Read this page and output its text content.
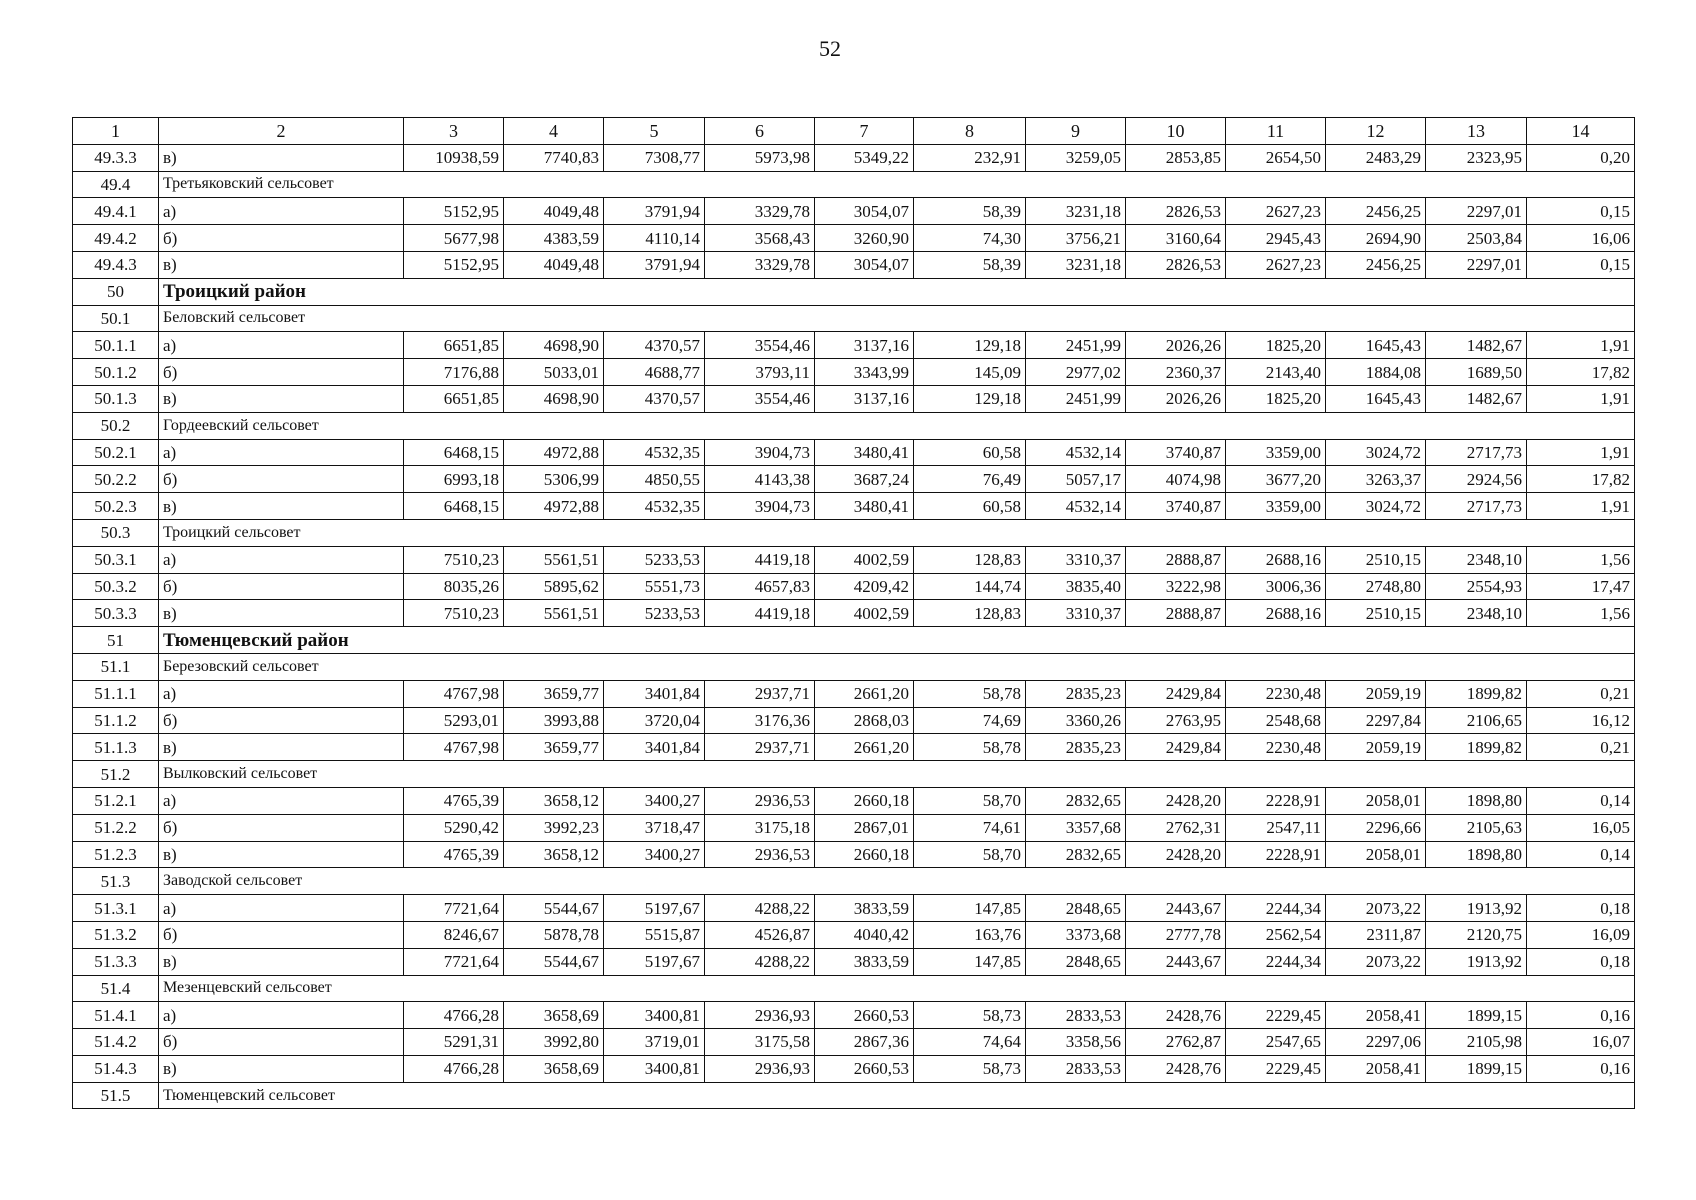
52
1	2	3	4	5	6	7	8	9	10	11	12	13	14
49.3.3	в)	10938,59	7740,83	7308,77	5973,98	5349,22	232,91	3259,05	2853,85	2654,50	2483,29	2323,95	0,20
49.4	Третьяковский сельсовет												
49.4.1	а)	5152,95	4049,48	3791,94	3329,78	3054,07	58,39	3231,18	2826,53	2627,23	2456,25	2297,01	0,15
49.4.2	б)	5677,98	4383,59	4110,14	3568,43	3260,90	74,30	3756,21	3160,64	2945,43	2694,90	2503,84	16,06
49.4.3	в)	5152,95	4049,48	3791,94	3329,78	3054,07	58,39	3231,18	2826,53	2627,23	2456,25	2297,01	0,15
50	Троицкий район												
50.1	Беловский сельсовет												
50.1.1	а)	6651,85	4698,90	4370,57	3554,46	3137,16	129,18	2451,99	2026,26	1825,20	1645,43	1482,67	1,91
50.1.2	б)	7176,88	5033,01	4688,77	3793,11	3343,99	145,09	2977,02	2360,37	2143,40	1884,08	1689,50	17,82
50.1.3	в)	6651,85	4698,90	4370,57	3554,46	3137,16	129,18	2451,99	2026,26	1825,20	1645,43	1482,67	1,91
50.2	Гордеевский сельсовет												
50.2.1	а)	6468,15	4972,88	4532,35	3904,73	3480,41	60,58	4532,14	3740,87	3359,00	3024,72	2717,73	1,91
50.2.2	б)	6993,18	5306,99	4850,55	4143,38	3687,24	76,49	5057,17	4074,98	3677,20	3263,37	2924,56	17,82
50.2.3	в)	6468,15	4972,88	4532,35	3904,73	3480,41	60,58	4532,14	3740,87	3359,00	3024,72	2717,73	1,91
50.3	Троицкий сельсовет												
50.3.1	а)	7510,23	5561,51	5233,53	4419,18	4002,59	128,83	3310,37	2888,87	2688,16	2510,15	2348,10	1,56
50.3.2	б)	8035,26	5895,62	5551,73	4657,83	4209,42	144,74	3835,40	3222,98	3006,36	2748,80	2554,93	17,47
50.3.3	в)	7510,23	5561,51	5233,53	4419,18	4002,59	128,83	3310,37	2888,87	2688,16	2510,15	2348,10	1,56
51	Тюменцевский район												
51.1	Березовский сельсовет												
51.1.1	а)	4767,98	3659,77	3401,84	2937,71	2661,20	58,78	2835,23	2429,84	2230,48	2059,19	1899,82	0,21
51.1.2	б)	5293,01	3993,88	3720,04	3176,36	2868,03	74,69	3360,26	2763,95	2548,68	2297,84	2106,65	16,12
51.1.3	в)	4767,98	3659,77	3401,84	2937,71	2661,20	58,78	2835,23	2429,84	2230,48	2059,19	1899,82	0,21
51.2	Вылковский сельсовет												
51.2.1	а)	4765,39	3658,12	3400,27	2936,53	2660,18	58,70	2832,65	2428,20	2228,91	2058,01	1898,80	0,14
51.2.2	б)	5290,42	3992,23	3718,47	3175,18	2867,01	74,61	3357,68	2762,31	2547,11	2296,66	2105,63	16,05
51.2.3	в)	4765,39	3658,12	3400,27	2936,53	2660,18	58,70	2832,65	2428,20	2228,91	2058,01	1898,80	0,14
51.3	Заводской сельсовет												
51.3.1	а)	7721,64	5544,67	5197,67	4288,22	3833,59	147,85	2848,65	2443,67	2244,34	2073,22	1913,92	0,18
51.3.2	б)	8246,67	5878,78	5515,87	4526,87	4040,42	163,76	3373,68	2777,78	2562,54	2311,87	2120,75	16,09
51.3.3	в)	7721,64	5544,67	5197,67	4288,22	3833,59	147,85	2848,65	2443,67	2244,34	2073,22	1913,92	0,18
51.4	Мезенцевский сельсовет												
51.4.1	а)	4766,28	3658,69	3400,81	2936,93	2660,53	58,73	2833,53	2428,76	2229,45	2058,41	1899,15	0,16
51.4.2	б)	5291,31	3992,80	3719,01	3175,58	2867,36	74,64	3358,56	2762,87	2547,65	2297,06	2105,98	16,07
51.4.3	в)	4766,28	3658,69	3400,81	2936,93	2660,53	58,73	2833,53	2428,76	2229,45	2058,41	1899,15	0,16
51.5	Тюменцевский сельсовет												
